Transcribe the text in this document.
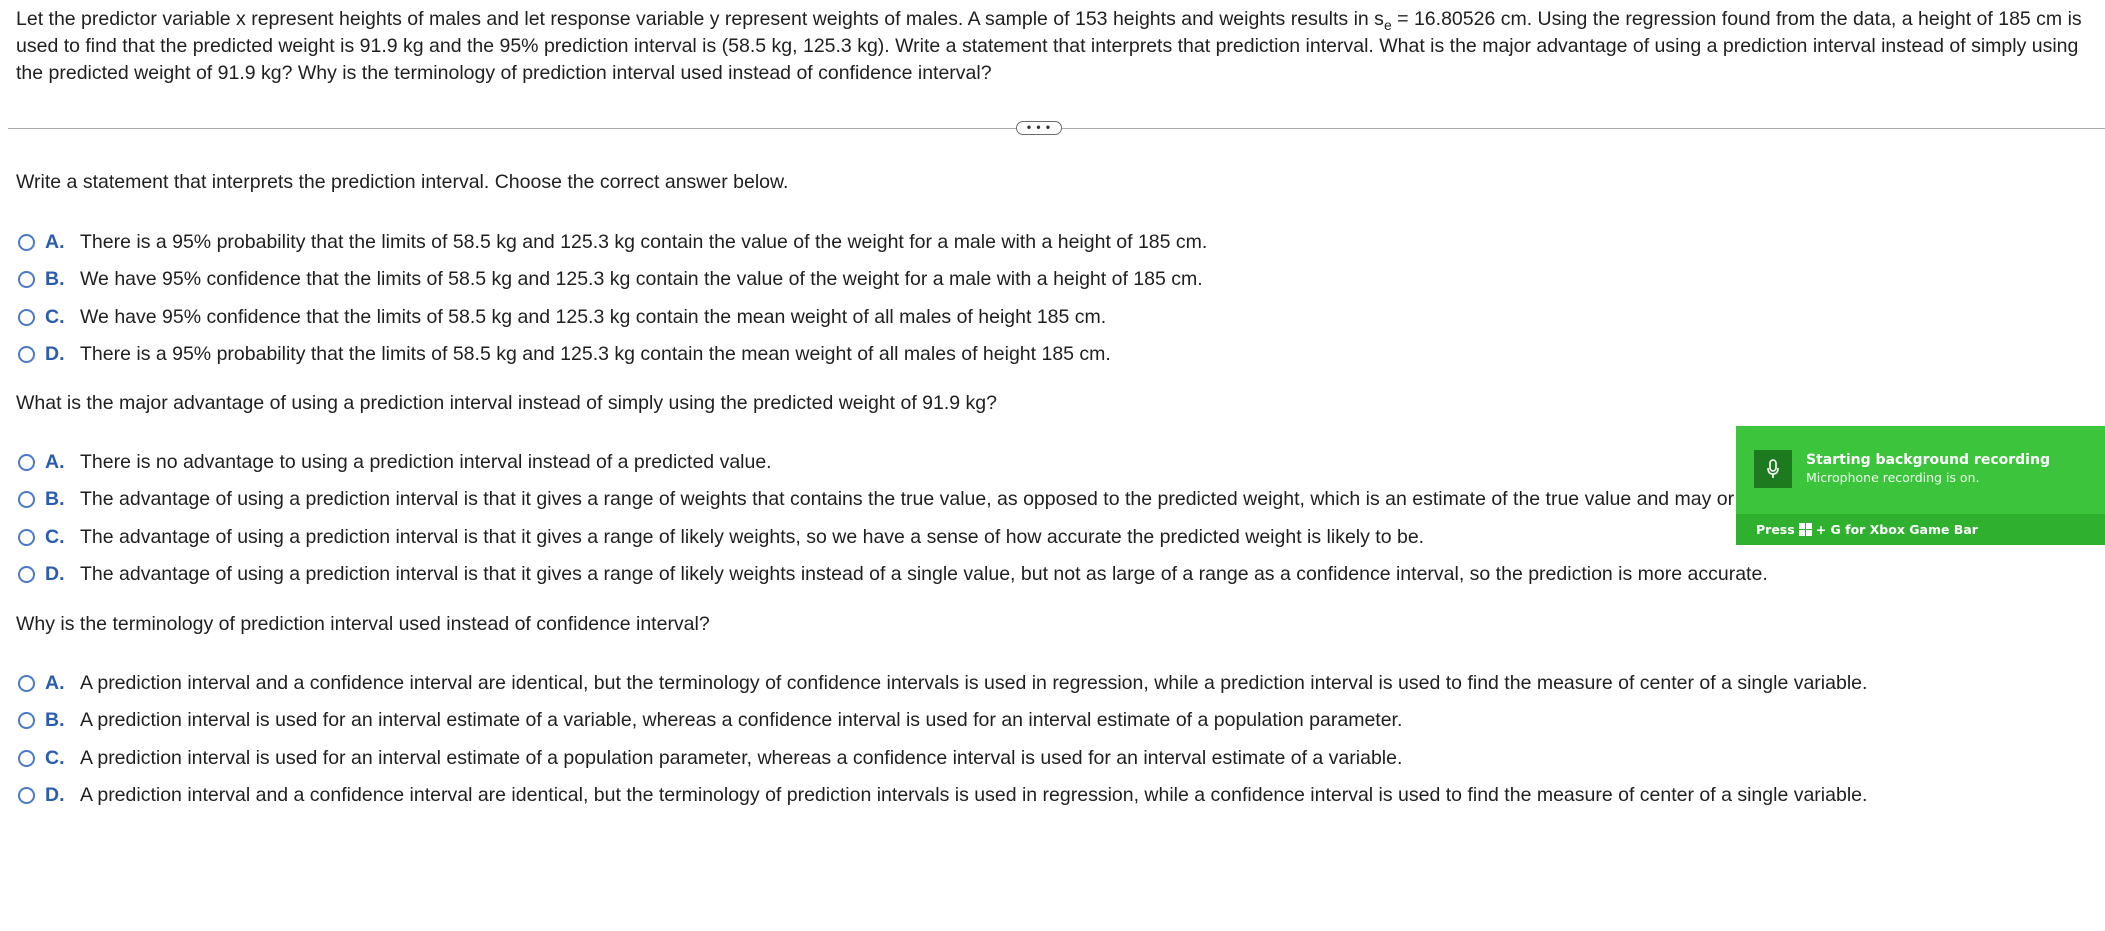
Let the predictor variable x represent heights of males and let response variable y represent weights of males. A sample of 153 heights and weights results in $s_e = 16.80526$ cm. Using the regression found from the data, a height of 185 cm is used to find that the predicted weight is 91.9 kg and the 95% prediction interval is (58.5 kg, 125.3 kg). Write a statement that interprets that prediction interval. What is the major advantage of using a prediction interval instead of simply using the predicted weight of 91.9 kg? Why is the terminology of prediction interval used instead of confidence interval?
• • •
Write a statement that interprets the prediction interval. Choose the correct answer below.
A. There is a 95% probability that the limits of 58.5 kg and 125.3 kg contain the value of the weight for a male with a height of 185 cm.
B. We have 95% confidence that the limits of 58.5 kg and 125.3 kg contain the value of the weight for a male with a height of 185 cm.
C. We have 95% confidence that the limits of 58.5 kg and 125.3 kg contain the mean weight of all males of height 185 cm.
D. There is a 95% probability that the limits of 58.5 kg and 125.3 kg contain the mean weight of all males of height 185 cm.
What is the major advantage of using a prediction interval instead of simply using the predicted weight of 91.9 kg?
A. There is no advantage to using a prediction interval instead of a predicted value.
B. The advantage of using a prediction interval is that it gives a range of weights that contains the true value, as opposed to the predicted weight, which is an estimate of the true value and may or
C. The advantage of using a prediction interval is that it gives a range of likely weights, so we have a sense of how accurate the predicted weight is likely to be.
D. The advantage of using a prediction interval is that it gives a range of likely weights instead of a single value, but not as large of a range as a confidence interval, so the prediction is more accurate.
Why is the terminology of prediction interval used instead of confidence interval?
A. A prediction interval and a confidence interval are identical, but the terminology of confidence intervals is used in regression, while a prediction interval is used to find the measure of center of a single variable.
B. A prediction interval is used for an interval estimate of a variable, whereas a confidence interval is used for an interval estimate of a population parameter.
C. A prediction interval is used for an interval estimate of a population parameter, whereas a confidence interval is used for an interval estimate of a variable.
D. A prediction interval and a confidence interval are identical, but the terminology of prediction intervals is used in regression, while a confidence interval is used to find the measure of center of a single variable.
Starting background recording
Microphone recording is on.
Press + G for Xbox Game Bar
